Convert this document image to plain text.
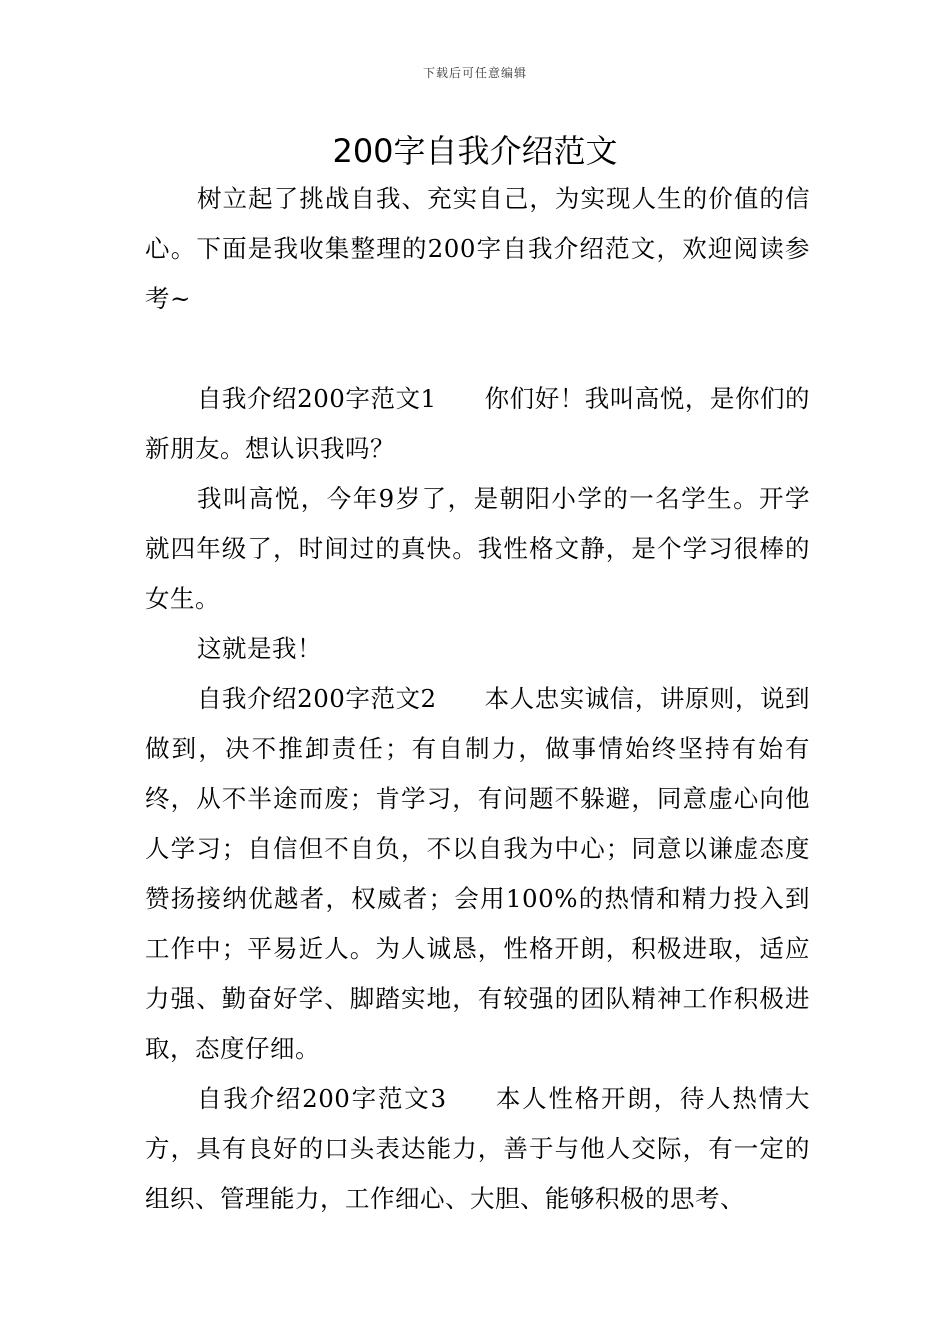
下载后可任意编辑
200字自我介绍范文

树立起了挑战自我、充实自己，为实现人生的价值的信心。下面是我收集整理的200字自我介绍范文，欢迎阅读参考~

自我介绍200字范文1 你们好！我叫高悦，是你们的新朋友。想认识我吗？

我叫高悦，今年9岁了，是朝阳小学的一名学生。开学就四年级了，时间过的真快。我性格文静，是个学习很棒的女生。

这就是我！

自我介绍200字范文2 本人忠实诚信，讲原则，说到做到，决不推卸责任；有自制力，做事情始终坚持有始有终，从不半途而废；肯学习，有问题不躲避，同意虚心向他人学习；自信但不自负，不以自我为中心；同意以谦虚态度赞扬接纳优越者，权威者；会用100%的热情和精力投入到工作中；平易近人。为人诚恳，性格开朗，积极进取，适应力强、勤奋好学、脚踏实地，有较强的团队精神工作积极进取，态度仔细。

自我介绍200字范文3 本人性格开朗，待人热情大方，具有良好的口头表达能力，善于与他人交际，有一定的组织、管理能力，工作细心、大胆、能够积极的思考、
